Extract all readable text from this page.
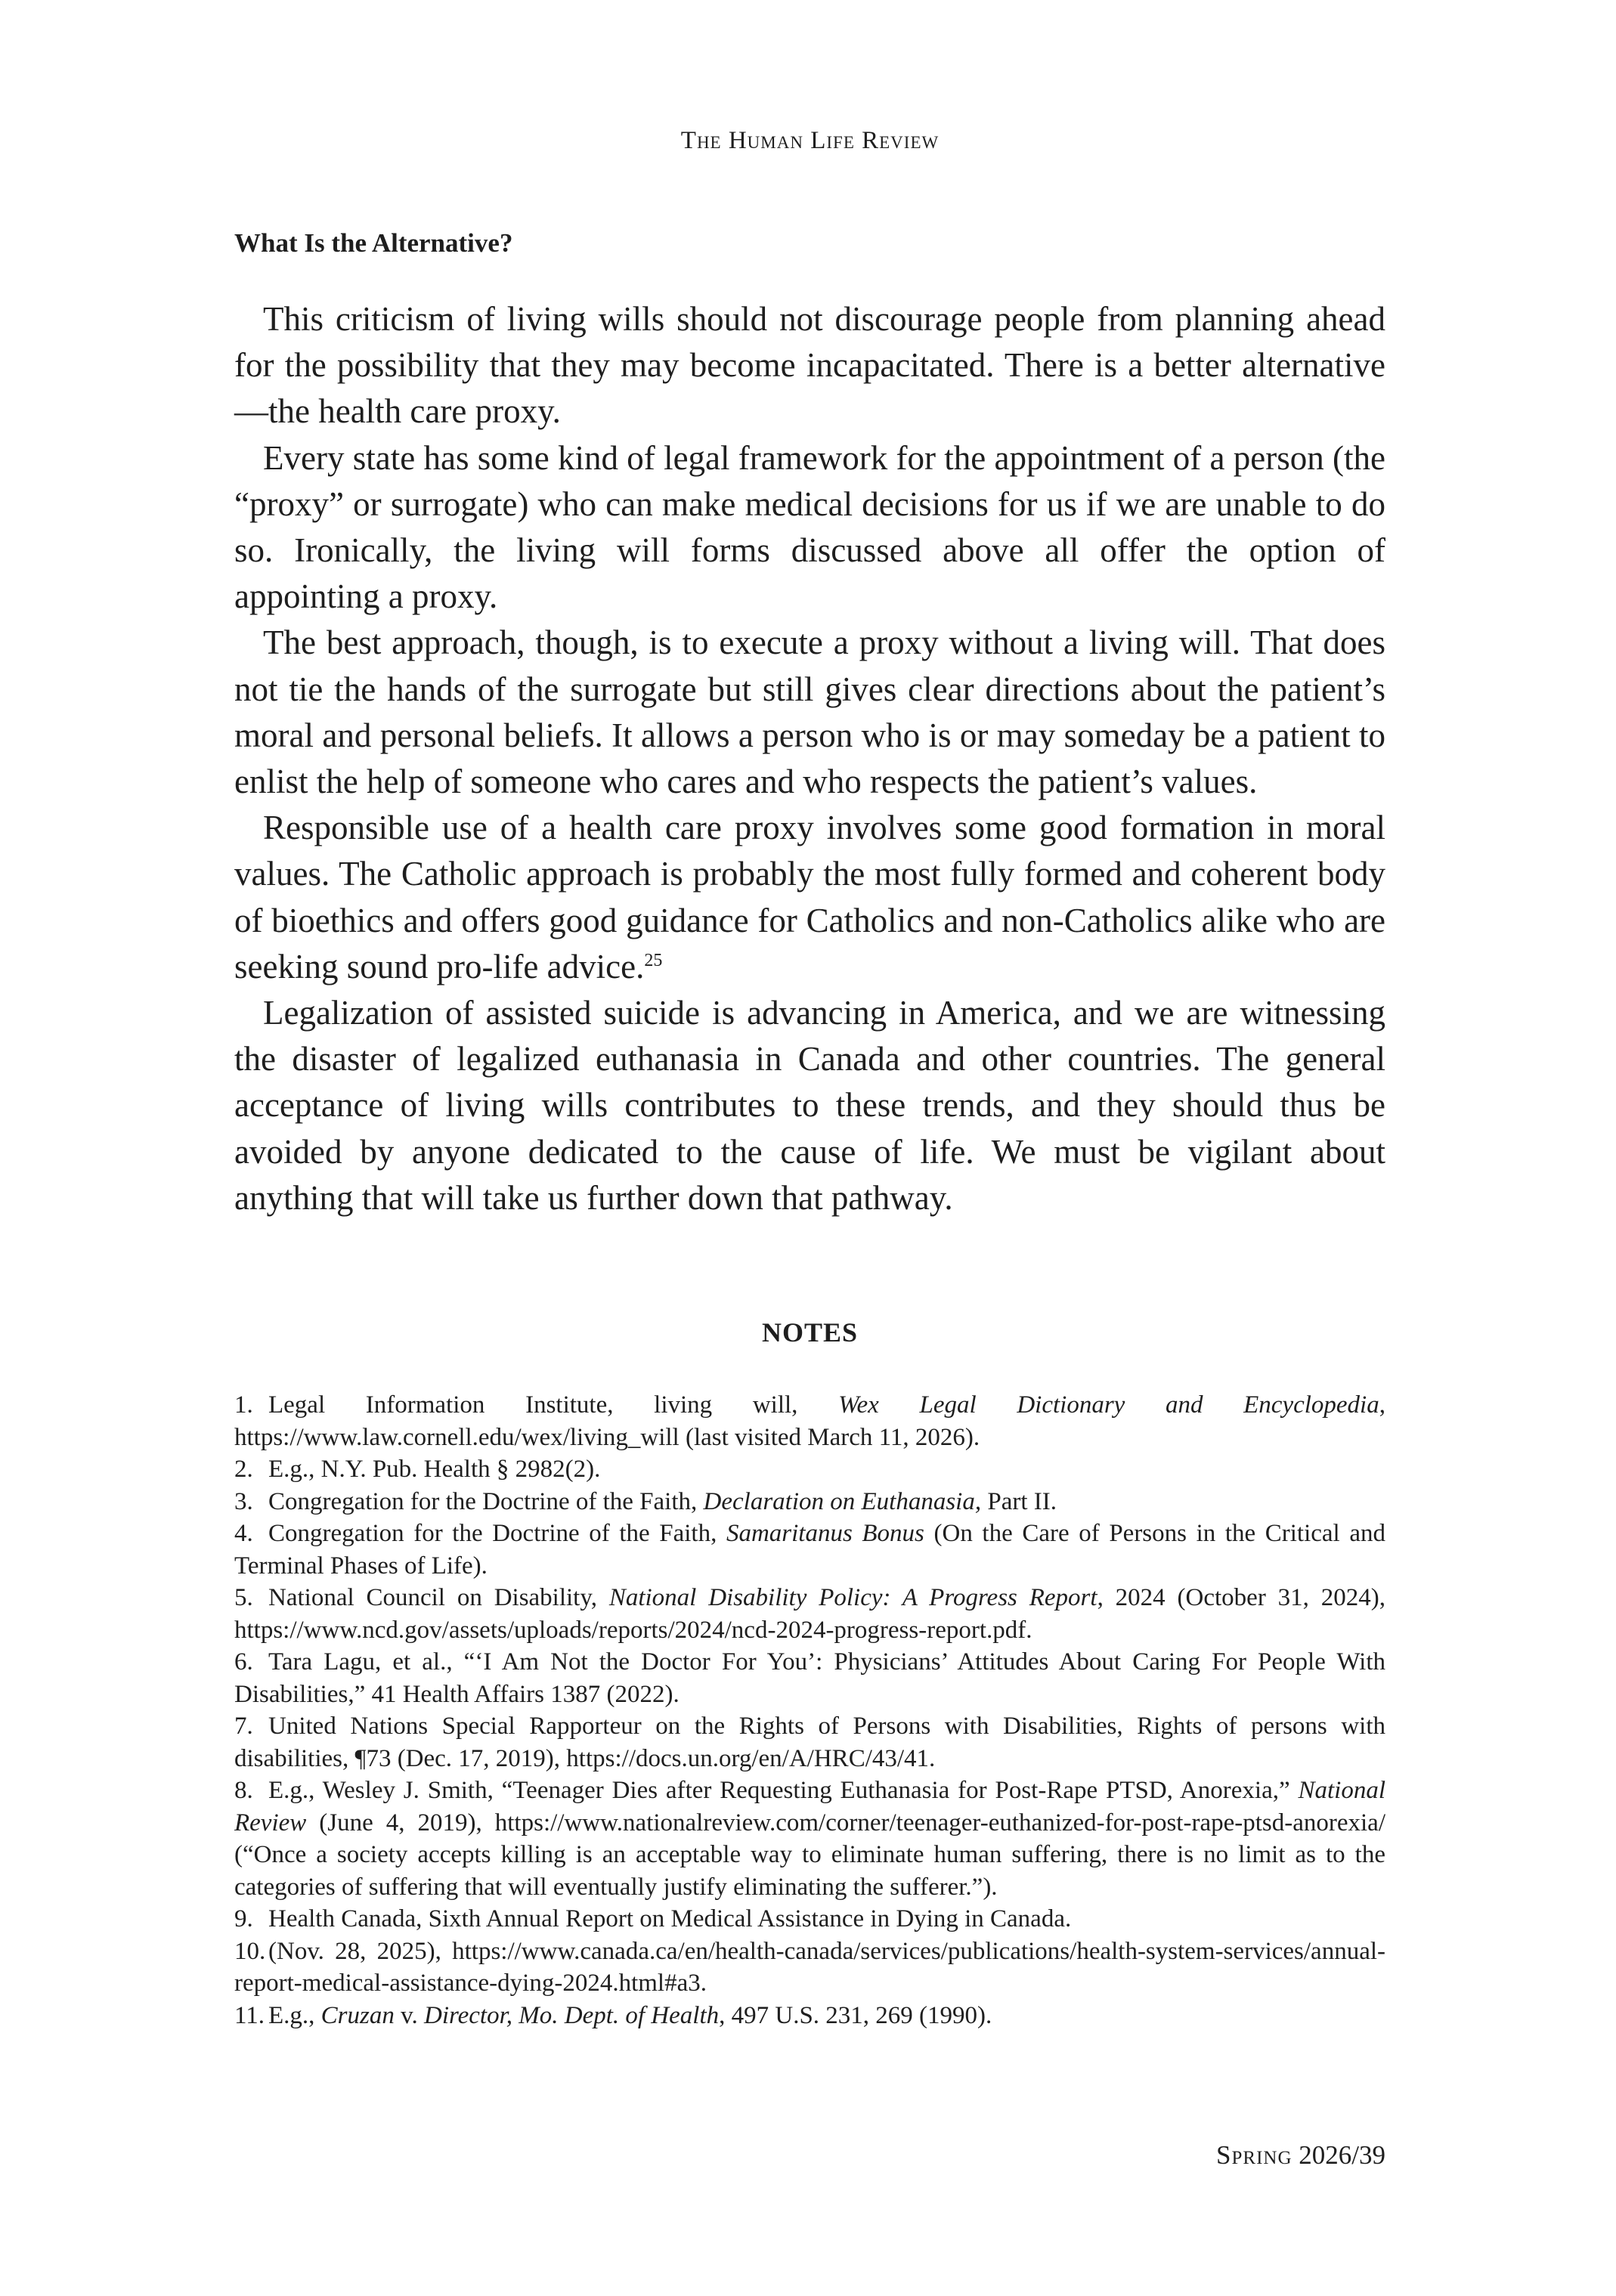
The Human Life Review
What Is the Alternative?

This criticism of living wills should not discourage people from planning ahead for the possibility that they may become incapacitated. There is a better alternative—the health care proxy.

Every state has some kind of legal framework for the appointment of a person (the “proxy” or surrogate) who can make medical decisions for us if we are unable to do so. Ironically, the living will forms discussed above all offer the option of appointing a proxy.

The best approach, though, is to execute a proxy without a living will. That does not tie the hands of the surrogate but still gives clear directions about the patient’s moral and personal beliefs. It allows a person who is or may someday be a patient to enlist the help of someone who cares and who respects the patient’s values.

Responsible use of a health care proxy involves some good formation in moral values. The Catholic approach is probably the most fully formed and coherent body of bioethics and offers good guidance for Catholics and non-Catholics alike who are seeking sound pro-life advice.$^{25}$

Legalization of assisted suicide is advancing in America, and we are witnessing the disaster of legalized euthanasia in Canada and other countries. The general acceptance of living wills contributes to these trends, and they should thus be avoided by anyone dedicated to the cause of life. We must be vigilant about anything that will take us further down that pathway.

NOTES

1. Legal Information Institute, living will, Wex Legal Dictionary and Encyclopedia, https://www.law.cornell.edu/wex/living_will (last visited March 11, 2026).

2. E.g., N.Y. Pub. Health § 2982(2).

3. Congregation for the Doctrine of the Faith, Declaration on Euthanasia, Part II.

4. Congregation for the Doctrine of the Faith, Samaritanus Bonus (On the Care of Persons in the Critical and Terminal Phases of Life).

5. National Council on Disability, National Disability Policy: A Progress Report, 2024 (October 31, 2024), https://www.ncd.gov/assets/uploads/reports/2024/ncd-2024-progress-report.pdf.

6. Tara Lagu, et al., “‘I Am Not the Doctor For You’: Physicians’ Attitudes About Caring For People With Disabilities,” 41 Health Affairs 1387 (2022).

7. United Nations Special Rapporteur on the Rights of Persons with Disabilities, Rights of persons with disabilities, ¶73 (Dec. 17, 2019), https://docs.un.org/en/A/HRC/43/41.

8. E.g., Wesley J. Smith, “Teenager Dies after Requesting Euthanasia for Post-Rape PTSD, Anorexia,” National Review (June 4, 2019), https://www.nationalreview.com/corner/teenager-euthanized-for-post-rape-ptsd-anorexia/ (“Once a society accepts killing is an acceptable way to eliminate human suffering, there is no limit as to the categories of suffering that will eventually justify eliminating the sufferer.”).

9. Health Canada, Sixth Annual Report on Medical Assistance in Dying in Canada.

10. (Nov. 28, 2025), https://www.canada.ca/en/health-canada/services/publications/health-system-services/annual-report-medical-assistance-dying-2024.html#a3.

11. E.g., Cruzan v. Director, Mo. Dept. of Health, 497 U.S. 231, 269 (1990).

Spring 2026/39
